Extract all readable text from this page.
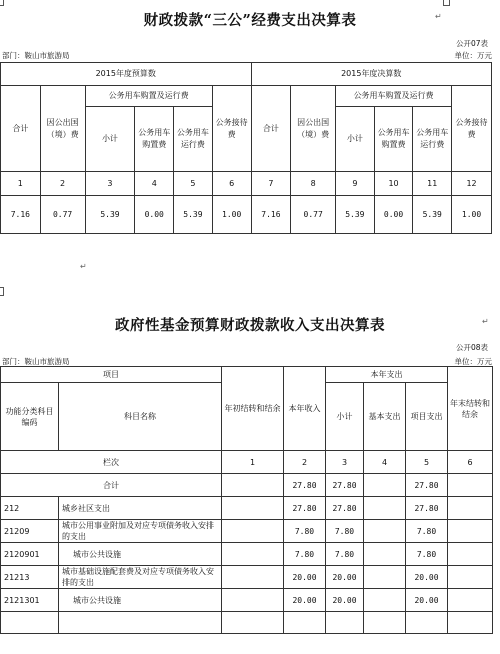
财政拨款“三公”经费支出决算表	↵
公开07表
部门：鞍山市旅游局	单位：万元
2015年度预算数						2015年度决算数					
合计	因公出国（境）费	公务用车购置及运行费			公务接待费	合计	因公出国（境）费	公务用车购置及运行费			公务接待费
		小计	公务用车购置费	公务用车运行费				小计	公务用车购置费	公务用车运行费	
1	2	3	4	5	6	7	8	9	10	11	12
7.16	0.77	5.39	0.00	5.39	1.00	7.16	0.77	5.39	0.00	5.39	1.00
↵
政府性基金预算财政拨款收入支出决算表	↵
公开08表
部门：鞍山市旅游局	单位：万元
项目		年初结转和结余	本年收入	本年支出			年末结转和结余
功能分类科目编码	科目名称			小计	基本支出	项目支出	
栏次		1	2	3	4	5	6
合计			27.80	27.80		27.80	
212	城乡社区支出		27.80	27.80		27.80	
21209	城市公用事业附加及对应专项债务收入安排的支出		7.80	7.80		7.80	
2120901	城市公共设施		7.80	7.80		7.80	
21213	城市基础设施配套费及对应专项债务收入安排的支出		20.00	20.00		20.00	
2121301	城市公共设施		20.00	20.00		20.00	
